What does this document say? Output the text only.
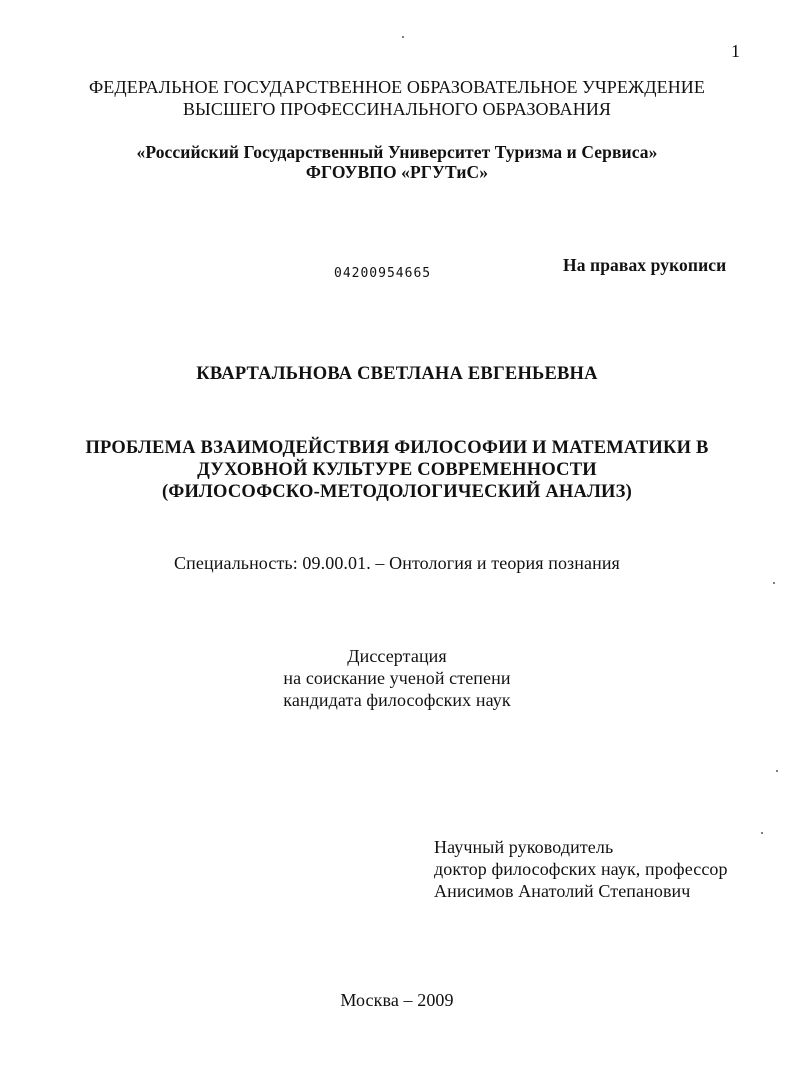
1
ФЕДЕРАЛЬНОЕ ГОСУДАРСТВЕННОЕ ОБРАЗОВАТЕЛЬНОЕ УЧРЕЖДЕНИЕ
ВЫСШЕГО ПРОФЕССИНАЛЬНОГО ОБРАЗОВАНИЯ
«Российский Государственный Университет Туризма и Сервиса»
ФГОУВПО «РГУТиС»
04200954665	На правах рукописи
КВАРТАЛЬНОВА СВЕТЛАНА ЕВГЕНЬЕВНА
ПРОБЛЕМА ВЗАИМОДЕЙСТВИЯ ФИЛОСОФИИ И МАТЕМАТИКИ В
ДУХОВНОЙ КУЛЬТУРЕ СОВРЕМЕННОСТИ
(ФИЛОСОФСКО-МЕТОДОЛОГИЧЕСКИЙ АНАЛИЗ)
Специальность: 09.00.01. – Онтология и теория познания
Диссертация
на соискание ученой степени
кандидата философских наук
Научный руководитель
доктор философских наук, профессор
Анисимов Анатолий Степанович
Москва – 2009
